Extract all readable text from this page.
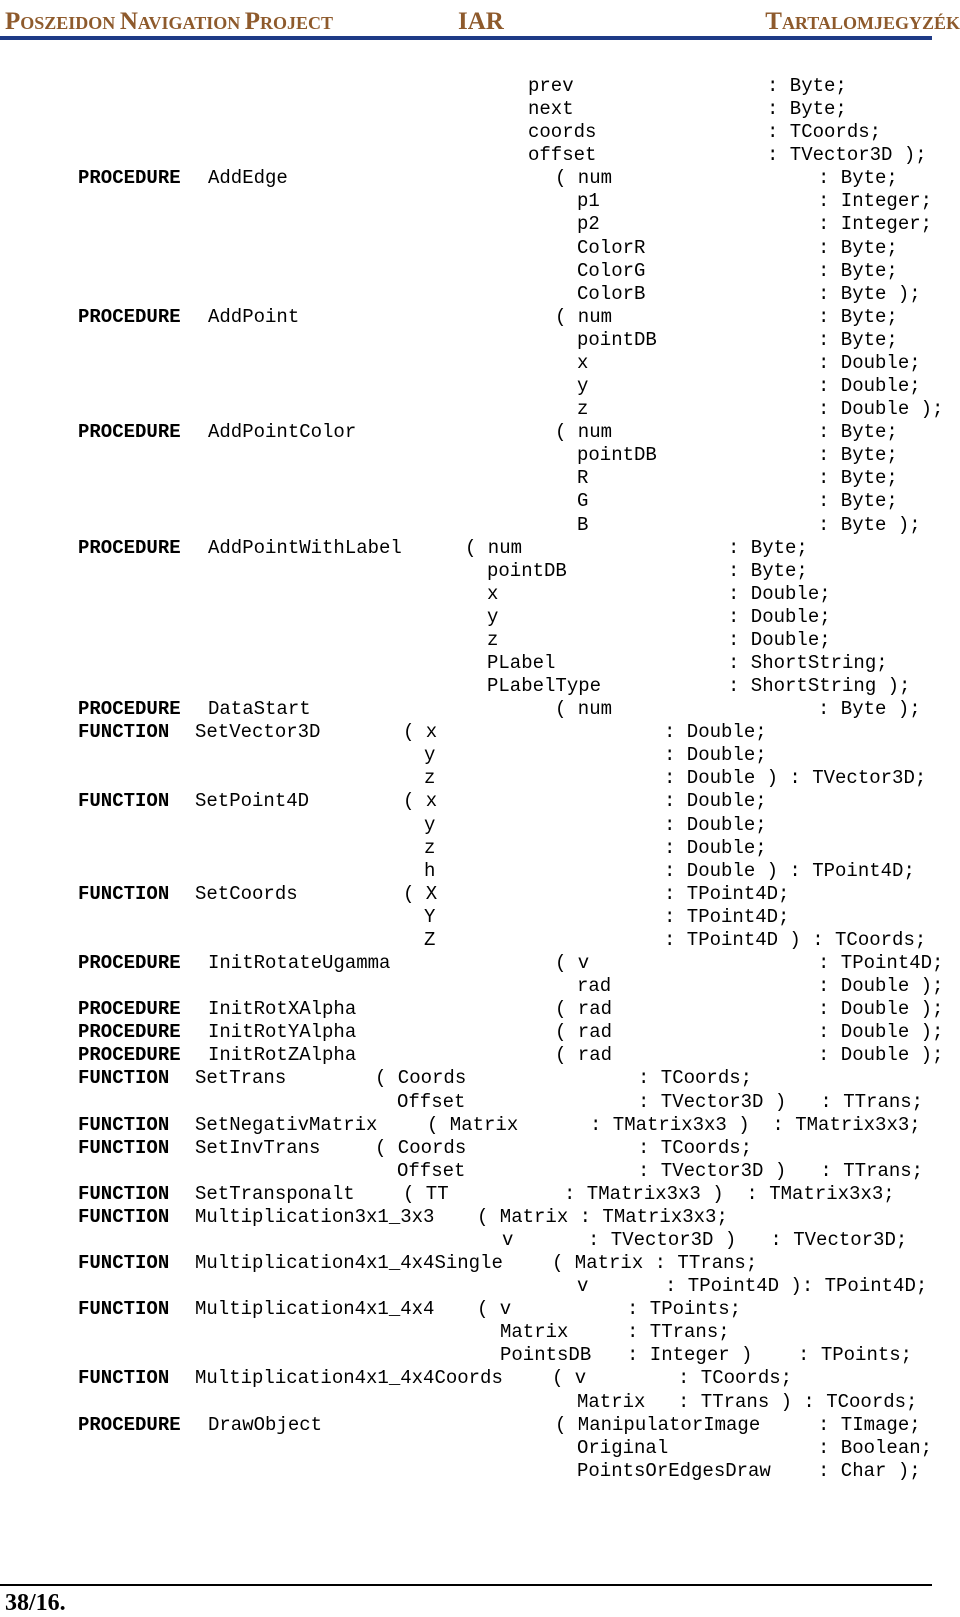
POSZEIDON NAVIGATION PROJECT	IAR	TARTALOMJEGYZÉK
prev	: Byte;
next	: Byte;
coords	: TCoords;
offset	: TVector3D );
PROCEDURE AddEdge	( num	: Byte;
p1	: Integer;
p2	: Integer;
ColorR	: Byte;
ColorG	: Byte;
ColorB	: Byte );
PROCEDURE AddPoint	( num	: Byte;
pointDB	: Byte;
x	: Double;
y	: Double;
z	: Double );
PROCEDURE AddPointColor	( num	: Byte;
pointDB	: Byte;
R	: Byte;
G	: Byte;
B	: Byte );
PROCEDURE AddPointWithLabel	( num	: Byte;
pointDB	: Byte;
x	: Double;
y	: Double;
z	: Double;
PLabel	: ShortString;
PLabelType	: ShortString );
PROCEDURE DataStart	( num	: Byte );
FUNCTION SetVector3D	( x	: Double;
y	: Double;
z	: Double ) : TVector3D;
FUNCTION SetPoint4D	( x	: Double;
y	: Double;
z	: Double;
h	: Double ) : TPoint4D;
FUNCTION SetCoords	( X	: TPoint4D;
Y	: TPoint4D;
Z	: TPoint4D ) : TCoords;
PROCEDURE InitRotateUgamma	( v	: TPoint4D;
rad	: Double );
PROCEDURE InitRotXAlpha	( rad	: Double );
PROCEDURE InitRotYAlpha	( rad	: Double );
PROCEDURE InitRotZAlpha	( rad	: Double );
FUNCTION SetTrans	( Coords	: TCoords;
Offset	: TVector3D )   : TTrans;
FUNCTION SetNegativMatrix	( Matrix	: TMatrix3x3 )  : TMatrix3x3;
FUNCTION SetInvTrans	( Coords	: TCoords;
Offset	: TVector3D )   : TTrans;
FUNCTION SetTransponalt	( TT	: TMatrix3x3 )  : TMatrix3x3;
FUNCTION Multiplication3x1_3x3 ( Matrix : TMatrix3x3;
v	: TVector3D )   : TVector3D;
FUNCTION Multiplication4x1_4x4Single	( Matrix : TTrans;
v	: TPoint4D ): TPoint4D;
FUNCTION Multiplication4x1_4x4 ( v	: TPoints;
Matrix	: TTrans;
PointsDB : Integer )    : TPoints;
FUNCTION Multiplication4x1_4x4Coords	( v	: TCoords;
Matrix : TTrans ) : TCoords;
PROCEDURE DrawObject	( ManipulatorImage	: TImage;
Original	: Boolean;
PointsOrEdgesDraw : Char );
38/16.
